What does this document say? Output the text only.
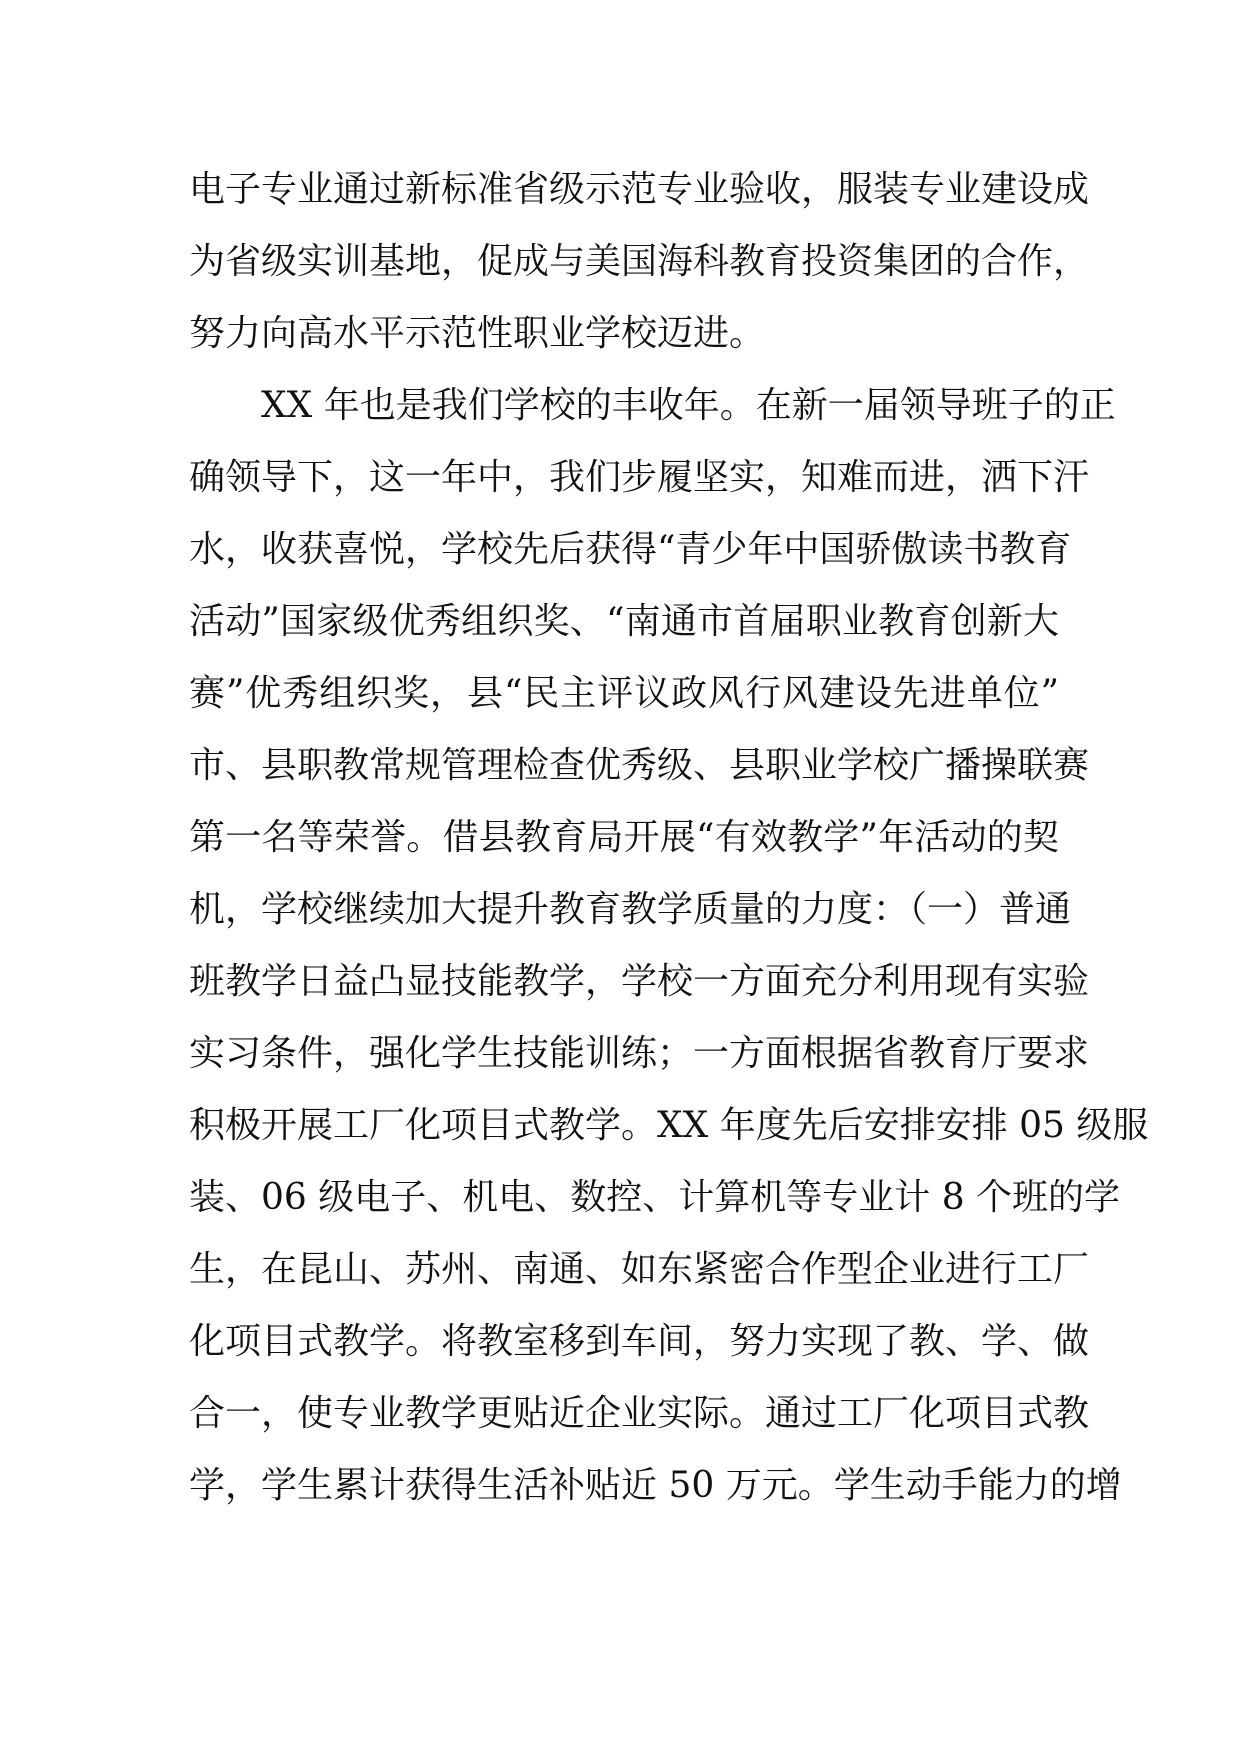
电子专业通过新标准省级示范专业验收，服装专业建设成
为省级实训基地，促成与美国海科教育投资集团的合作，
努力向高水平示范性职业学校迈进。
XX 年也是我们学校的丰收年。在新一届领导班子的正
确领导下，这一年中，我们步履坚实，知难而进，洒下汗
水，收获喜悦，学校先后获得“青少年中国骄傲读书教育
活动”国家级优秀组织奖、“南通市首届职业教育创新大
赛”优秀组织奖，县“民主评议政风行风建设先进单位”
市、县职教常规管理检查优秀级、县职业学校广播操联赛
第一名等荣誉。借县教育局开展“有效教学”年活动的契
机，学校继续加大提升教育教学质量的力度：（一）普通
班教学日益凸显技能教学，学校一方面充分利用现有实验
实习条件，强化学生技能训练；一方面根据省教育厅要求
积极开展工厂化项目式教学。XX 年度先后安排安排 05 级服
装、06 级电子、机电、数控、计算机等专业计 8 个班的学
生，在昆山、苏州、南通、如东紧密合作型企业进行工厂
化项目式教学。将教室移到车间，努力实现了教、学、做
合一，使专业教学更贴近企业实际。通过工厂化项目式教
学，学生累计获得生活补贴近 50 万元。学生动手能力的增
